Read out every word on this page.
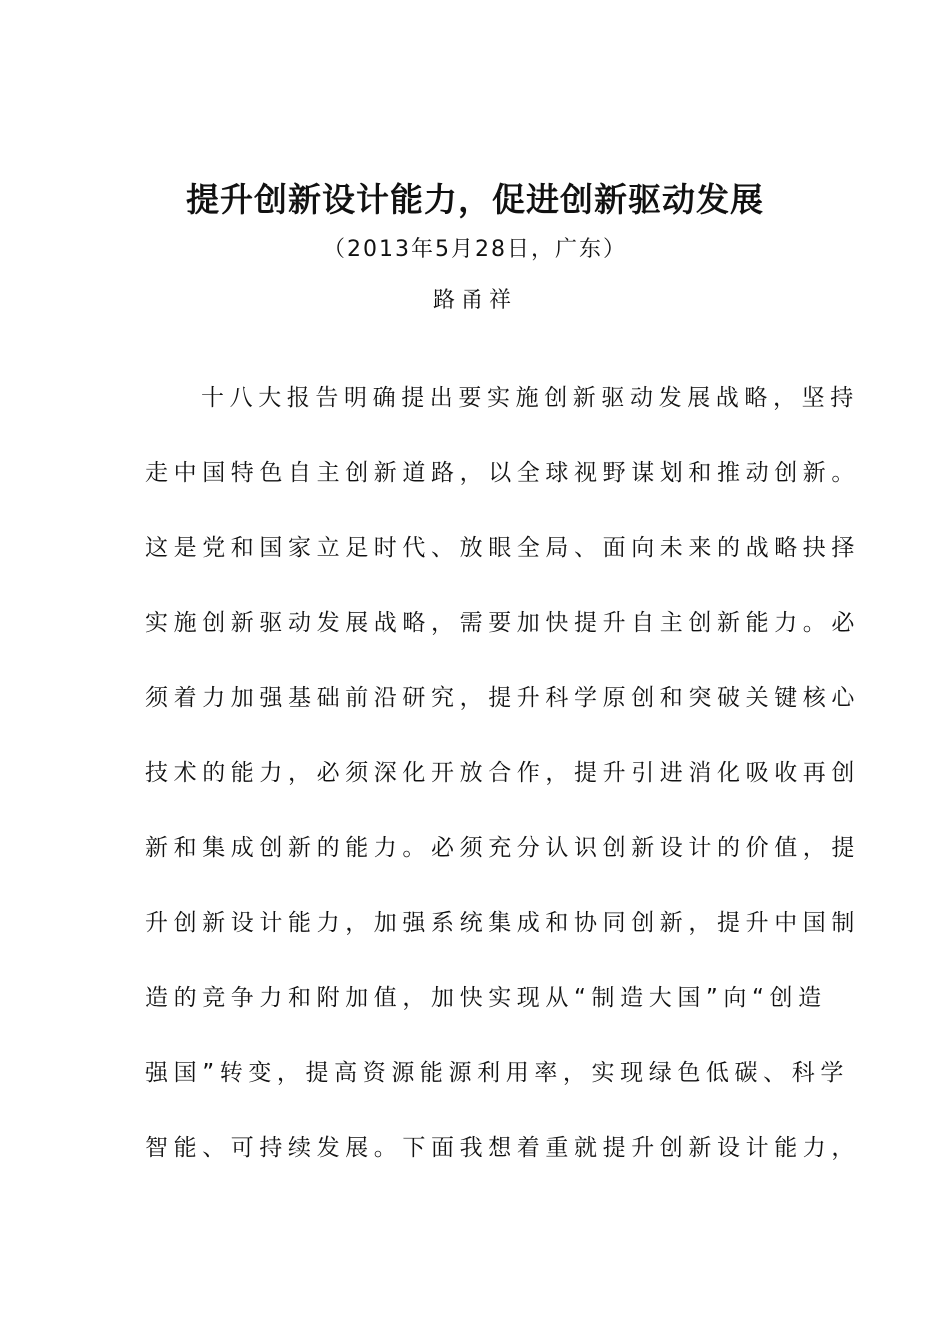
提升创新设计能力，促进创新驱动发展
（2013年5月28日，广东）
路甬祥
十八大报告明确提出要实施创新驱动发展战略，坚持
走中国特色自主创新道路，以全球视野谋划和推动创新。
这是党和国家立足时代、放眼全局、面向未来的战略抉择
实施创新驱动发展战略，需要加快提升自主创新能力。必
须着力加强基础前沿研究，提升科学原创和突破关键核心
技术的能力，必须深化开放合作，提升引进消化吸收再创
新和集成创新的能力。必须充分认识创新设计的价值，提
升创新设计能力，加强系统集成和协同创新，提升中国制
造的竞争力和附加值，加快实现从“制造大国”向“创造
强国”转变，提高资源能源利用率，实现绿色低碳、科学
智能、可持续发展。下面我想着重就提升创新设计能力，
